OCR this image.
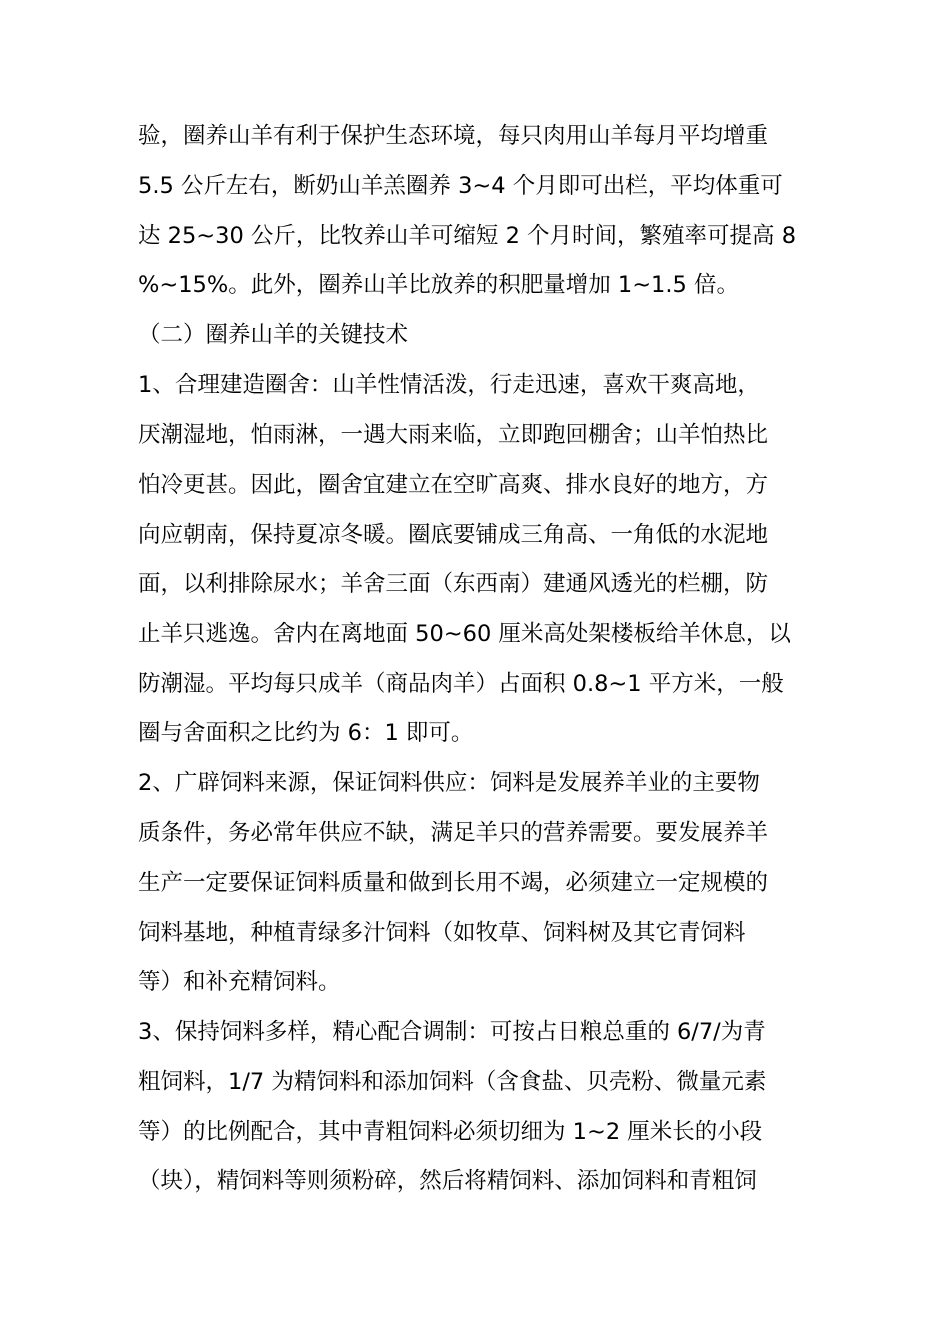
验，圈养山羊有利于保护生态环境，每只肉用山羊每月平均增重
5.5 公斤左右，断奶山羊羔圈养 3~4 个月即可出栏，平均体重可
达 25~30 公斤，比牧养山羊可缩短 2 个月时间，繁殖率可提高 8
%~15%。此外，圈养山羊比放养的积肥量增加 1~1.5 倍。
（二）圈养山羊的关键技术
1、合理建造圈舍：山羊性情活泼，行走迅速，喜欢干爽高地，
厌潮湿地，怕雨淋，一遇大雨来临，立即跑回棚舍；山羊怕热比
怕冷更甚。因此，圈舍宜建立在空旷高爽、排水良好的地方，方
向应朝南，保持夏凉冬暖。圈底要铺成三角高、一角低的水泥地
面，以利排除尿水；羊舍三面（东西南）建通风透光的栏棚，防
止羊只逃逸。舍内在离地面 50~60 厘米高处架楼板给羊休息，以
防潮湿。平均每只成羊（商品肉羊）占面积 0.8~1 平方米，一般
圈与舍面积之比约为 6：1 即可。
2、广辟饲料来源，保证饲料供应：饲料是发展养羊业的主要物
质条件，务必常年供应不缺，满足羊只的营养需要。要发展养羊
生产一定要保证饲料质量和做到长用不竭，必须建立一定规模的
饲料基地，种植青绿多汁饲料（如牧草、饲料树及其它青饲料
等）和补充精饲料。
3、保持饲料多样，精心配合调制：可按占日粮总重的 6/7/为青
粗饲料，1/7 为精饲料和添加饲料（含食盐、贝壳粉、微量元素
等）的比例配合，其中青粗饲料必须切细为 1~2 厘米长的小段
（块），精饲料等则须粉碎，然后将精饲料、添加饲料和青粗饲
